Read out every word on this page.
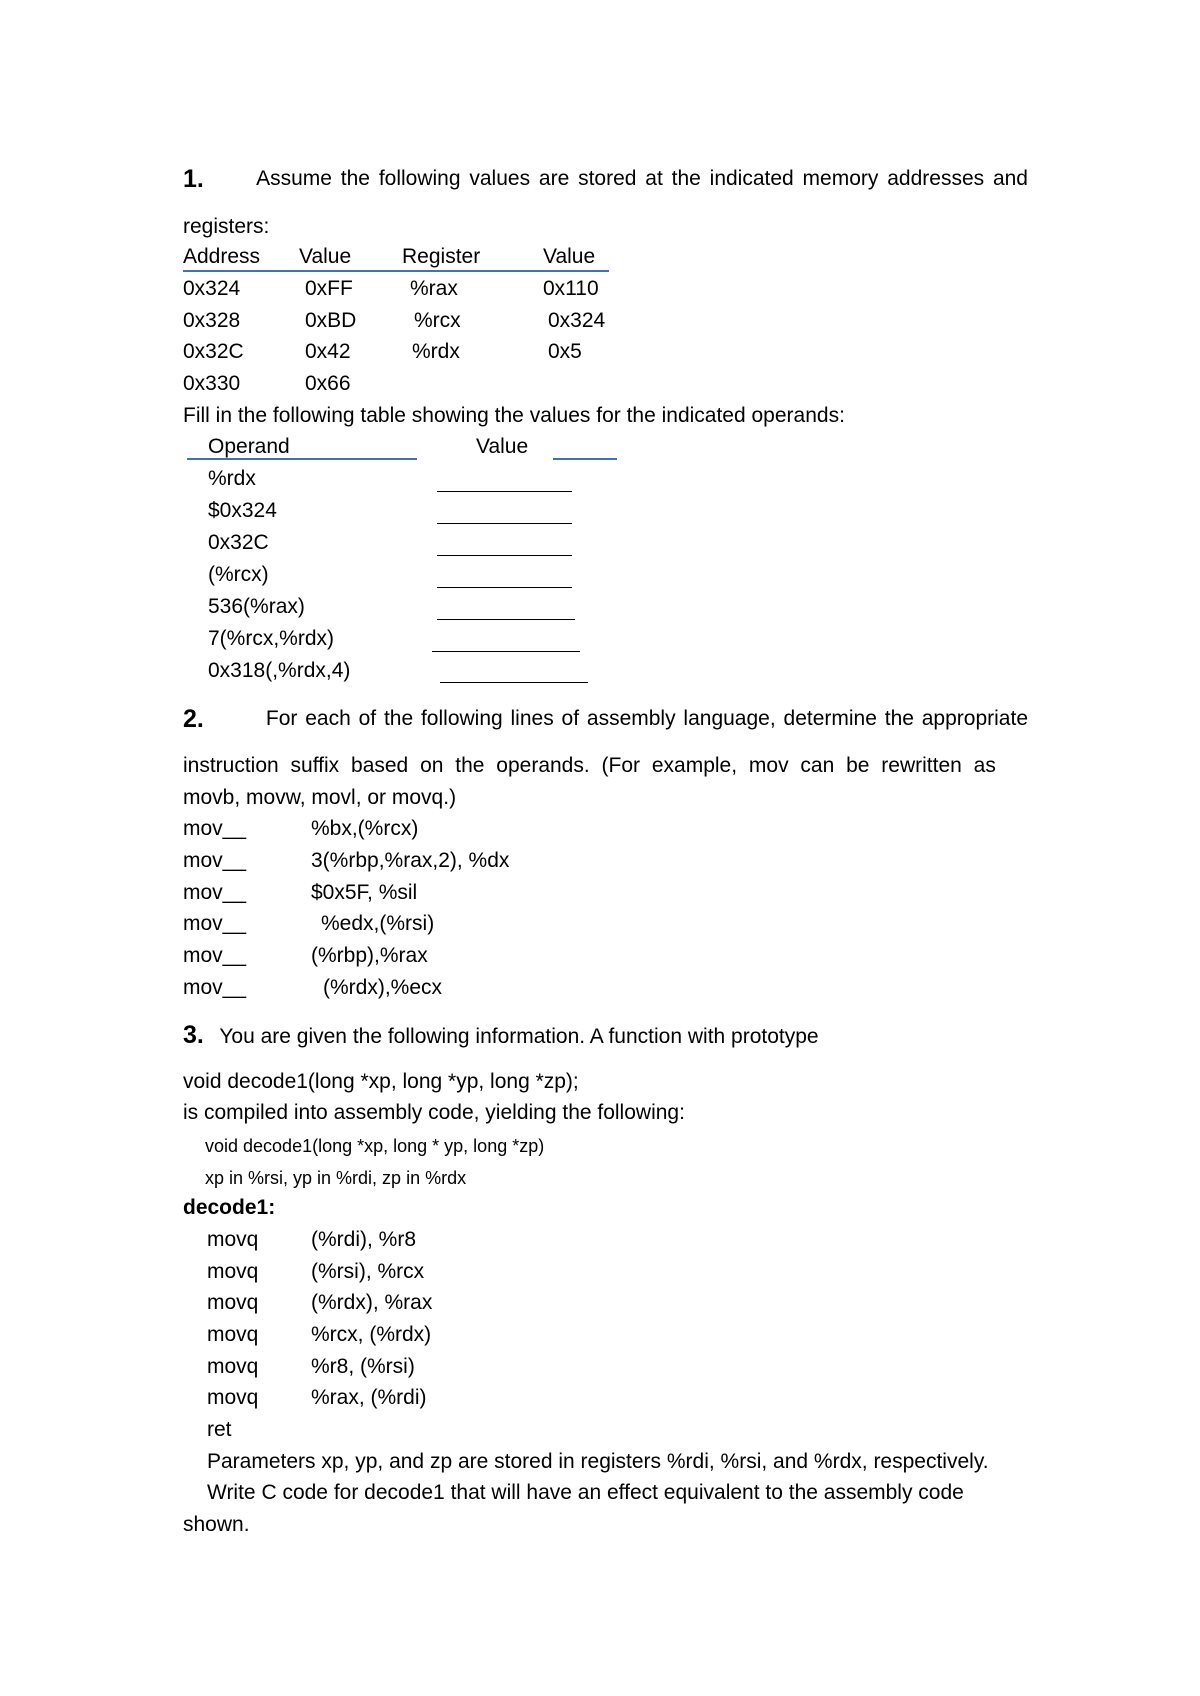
1. Assume the following values are stored at the indicated memory addresses and
registers:
Address Value Register	Value
0x324	0xFF	%rax	0x110
0x328	0xBD	%rcx	0x324
0x32C	0x42	%rdx	0x5
0x330	0x66
Fill in the following table showing the values for the indicated operands:
Operand	Value
%rdx
$0x324
0x32C
(%rcx)
536(%rax)
7(%rcx,%rdx)
0x318(,%rdx,4)
2.	For each of the following lines of assembly language, determine the appropriate
instruction suffix based on the operands. (For example, mov can be rewritten as
movb, movw, movl, or movq.)
mov__	%bx,(%rcx)
mov__	3(%rbp,%rax,2), %dx
mov__	$0x5F, %sil
mov__	%edx,(%rsi)
mov__	(%rbp),%rax
mov__	(%rdx),%ecx
3. You are given the following information. A function with prototype
void decode1(long *xp, long *yp, long *zp);
is compiled into assembly code, yielding the following:
void decode1(long *xp, long * yp, long *zp)
xp in %rsi, yp in %rdi, zp in %rdx
decode1:
movq	(%rdi), %r8
movq	(%rsi), %rcx
movq	(%rdx), %rax
movq	%rcx, (%rdx)
movq	%r8, (%rsi)
movq	%rax, (%rdi)
ret
Parameters xp, yp, and zp are stored in registers %rdi, %rsi, and %rdx, respectively.
Write C code for decode1 that will have an effect equivalent to the assembly code
shown.
